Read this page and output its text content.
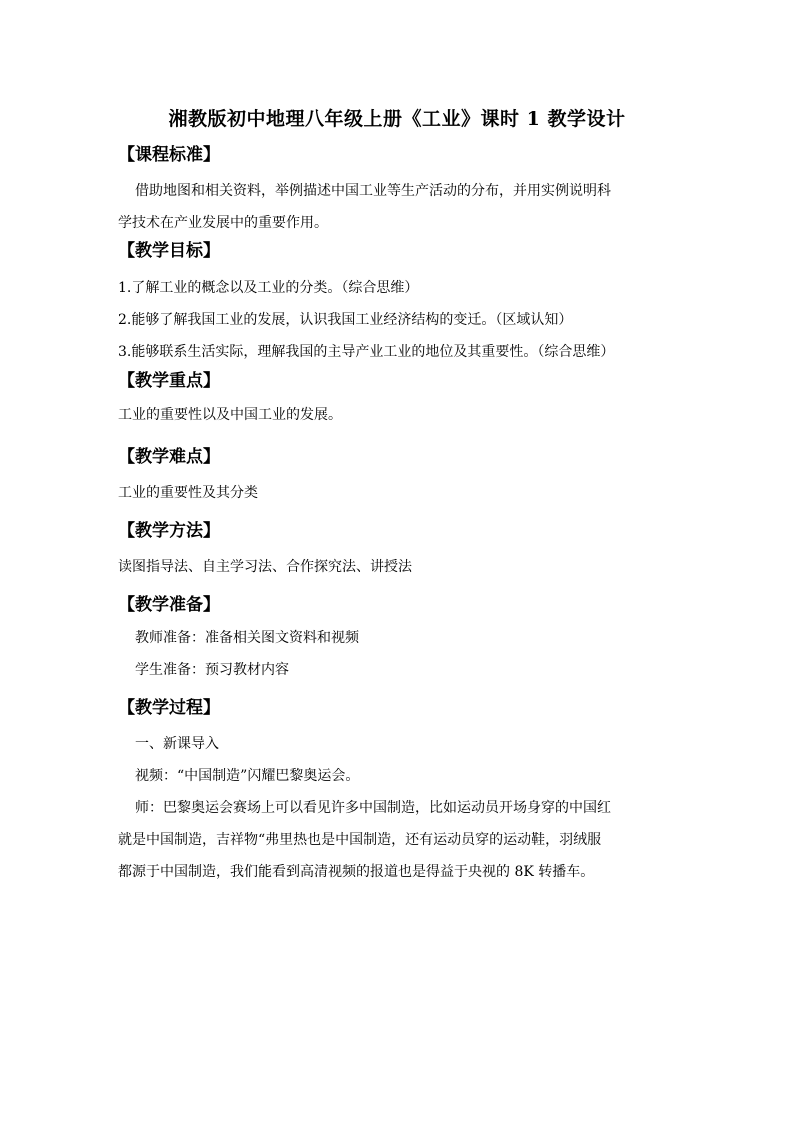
湘教版初中地理八年级上册《工业》课时 1 教学设计
【课程标准】
借助地图和相关资料，举例描述中国工业等生产活动的分布，并用实例说明科
学技术在产业发展中的重要作用。
【教学目标】
1.了解工业的概念以及工业的分类。（综合思维）
2.能够了解我国工业的发展，认识我国工业经济结构的变迁。（区域认知）
3.能够联系生活实际，理解我国的主导产业工业的地位及其重要性。（综合思维）
【教学重点】
工业的重要性以及中国工业的发展。
【教学难点】
工业的重要性及其分类
【教学方法】
读图指导法、自主学习法、合作探究法、讲授法
【教学准备】
教师准备：准备相关图文资料和视频
学生准备：预习教材内容
【教学过程】
一、新课导入
视频：“中国制造”闪耀巴黎奥运会。
师：巴黎奥运会赛场上可以看见许多中国制造，比如运动员开场身穿的中国红
就是中国制造，吉祥物“弗里热也是中国制造，还有运动员穿的运动鞋，羽绒服
都源于中国制造，我们能看到高清视频的报道也是得益于央视的 8K 转播车。
